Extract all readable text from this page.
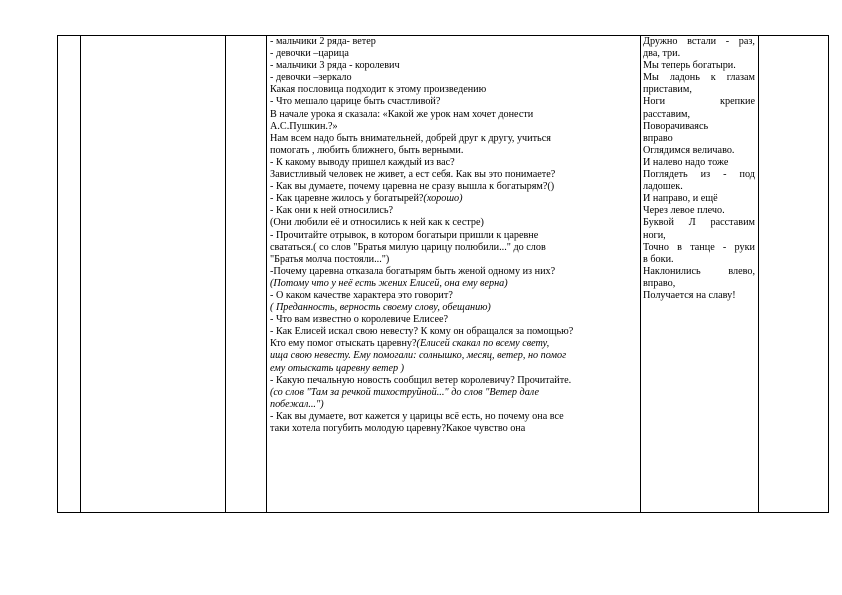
- мальчики 2 ряда- ветер
- девочки –царица
- мальчики 3 ряда - королевич
- девочки –зеркало
Какая пословица подходит к этому произведению
- Что мешало царице быть счастливой?
В начале урока я сказала: «Какой же урок нам хочет донести
А.С.Пушкин.?»
Нам всем надо быть внимательней, добрей друг к другу, учиться
помогать , любить ближнего, быть верными.
- К какому выводу пришел каждый из вас?
Завистливый человек не живет, а ест себя. Как вы это понимаете?
- Как вы думаете, почему царевна не сразу вышла к богатырям?()
- Как царевне жилось у богатырей?(хорошо)
- Как они к ней относились?
(Они любили её и относились к ней как к сестре)
- Прочитайте отрывок, в котором богатыри пришли к царевне
свататься.( со слов "Братья милую царицу полюбили..." до слов
"Братья молча постояли...")
-Почему царевна отказала богатырям быть женой одному из них?
(Потому что у неё есть жених Елисей, она ему верна)
- О каком качестве характера это говорит?
( Преданность, верность своему слову, обещанию)
- Что вам известно о королевиче Елисее?
- Как Елисей искал свою невесту? К кому он обращался за помощью?
Кто ему помог отыскать царевну?(Елисей скакал по всему свету,
ища свою невесту. Ему помогали: солнышко, месяц, ветер, но помог
ему отыскать царевну ветер )
- Какую печальную новость сообщил ветер королевичу? Прочитайте.
(со слов "Там за речкой тихоструйной..." до слов "Ветер дале
побежал...")
- Как вы думаете, вот кажется у царицы всё есть, но почему она все
таки хотела погубить молодую царевну?Какое чувство она
Дружно встали - раз,
два, три.
Мы теперь богатыри.
Мы ладонь к глазам
приставим,
Ноги	крепкие
расставим,
Поворачиваясь
вправо
Оглядимся величаво.
И налево надо тоже
Поглядеть из - под
ладошек.
И направо, и ещё
Через левое плечо.
Буквой Л расставим
ноги,
Точно в танце - руки
в боки.
Наклонились	влево,
вправо,
Получается на славу!
